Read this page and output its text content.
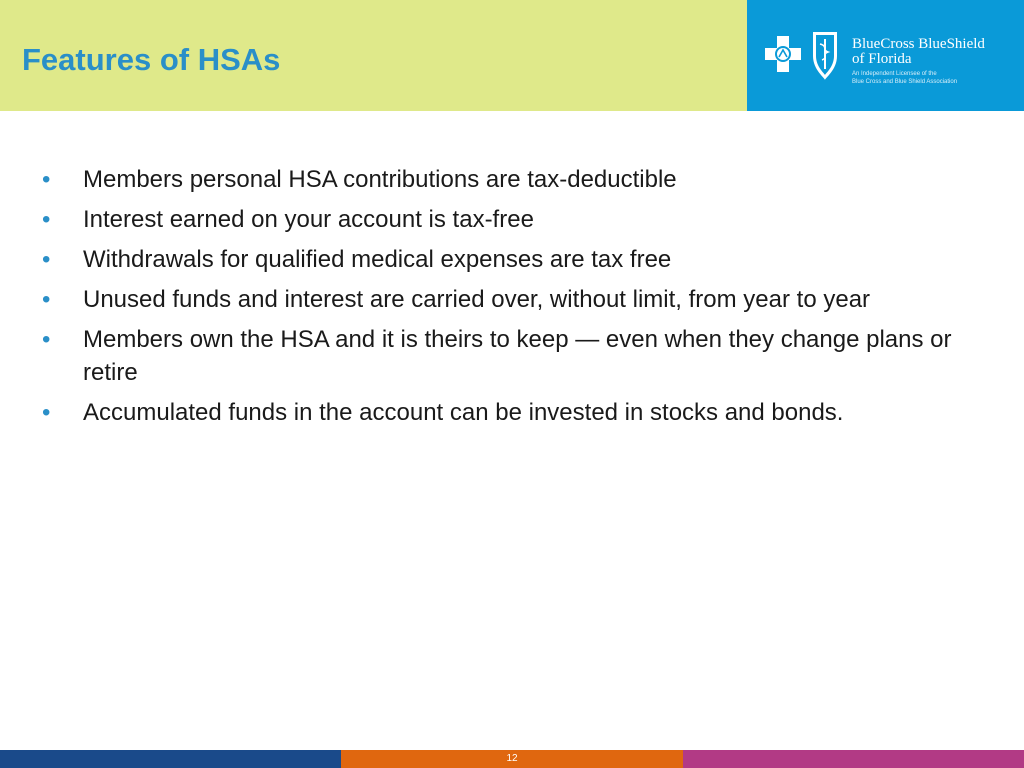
Features of HSAs	BlueCross BlueShield
of Florida
An Independent Licensee of the
Blue Cross and Blue Shield Association
• Members personal HSA contributions are tax-deductible
• Interest earned on your account is tax-free
• Withdrawals for qualified medical expenses are tax free
• Unused funds and interest are carried over, without limit, from year to year
• Members own the HSA and it is theirs to keep — even when they change plans or retire
• Accumulated funds in the account can be invested in stocks and bonds.
12
